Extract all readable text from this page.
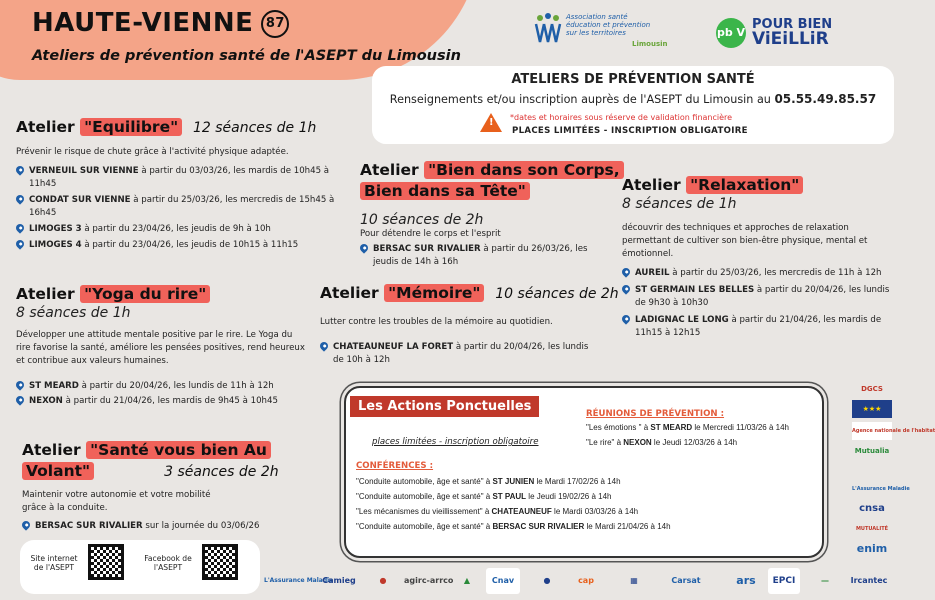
HAUTE-VIENNE 87
Ateliers de prévention santé de l'ASEPT du Limousin
Association santé
éducation et prévention
sur les territoires
Limousin
pb V
POUR BIEN
ViEiLLiR
ATELIERS DE PRÉVENTION SANTÉ
Renseignements et/ou inscription auprès de l'ASEPT du Limousin au 05.55.49.85.57
! *dates et horaires sous réserve de validation financière
PLACES LIMITÉES - INSCRIPTION OBLIGATOIRE
Atelier "Equilibre" 12 séances de 1h
Prévenir le risque de chute grâce à l'activité physique adaptée.
VERNEUIL SUR VIENNE à partir du 03/03/26, les mardis de 10h45 à 11h45
CONDAT SUR VIENNE à partir du 25/03/26, les mercredis de 15h45 à 16h45
LIMOGES 3 à partir du 23/04/26, les jeudis de 9h à 10h
LIMOGES 4 à partir du 23/04/26, les jeudis de 10h15 à 11h15
Atelier "Bien dans son Corps,
Bien dans sa Tête"
10 séances de 2h
Pour détendre le corps et l'esprit
BERSAC SUR RIVALIER à partir du 26/03/26, les jeudis de 14h à 16h
Atelier "Relaxation"
8 séances de 1h
découvrir des techniques et approches de relaxation permettant de cultiver son bien-être physique, mental et émotionnel.
AUREIL à partir du 25/03/26, les mercredis de 11h à 12h
ST GERMAIN LES BELLES à partir du 20/04/26, les lundis de 9h30 à 10h30
LADIGNAC LE LONG à partir du 21/04/26, les mardis de 11h15 à 12h15
Atelier "Yoga du rire"
8 séances de 1h
Développer une attitude mentale positive par le rire. Le Yoga du rire favorise la santé, améliore les pensées positives, rend heureux et contribue aux valeurs humaines.
ST MEARD à partir du 20/04/26, les lundis de 11h à 12h
NEXON à partir du 21/04/26, les mardis de 9h45 à 10h45
Atelier "Mémoire" 10 séances de 2h
Lutter contre les troubles de la mémoire au quotidien.
CHATEAUNEUF LA FORET à partir du 20/04/26, les lundis de 10h à 12h
Atelier "Santé vous bien Au
Volant"	3 séances de 2h
Maintenir votre autonomie et votre mobilité grâce à la conduite.
BERSAC SUR RIVALIER sur la journée du 03/06/26
Les Actions Ponctuelles
places limitées - inscription obligatoire
CONFÉRENCES :
"Conduite automobile, âge et santé" à ST JUNIEN le Mardi 17/02/26 à 14h
"Conduite automobile, âge et santé" à ST PAUL le Jeudi 19/02/26 à 14h
"Les mécanismes du vieillissement" à CHATEAUNEUF le Mardi 03/03/26 à 14h
"Conduite automobile, âge et santé" à BERSAC SUR RIVALIER le Mardi 21/04/26 à 14h
RÉUNIONS DE PRÉVENTION :
"Les émotions " à ST MEARD le Mercredi 11/03/26 à 14h
"Le rire" à NEXON le Jeudi 12/03/26 à 14h
Site internet de l'ASEPT
Facebook de l'ASEPT
DGCS
★★★
Agence nationale de l'habitat
Mutualia
L'Assurance Maladie
cnsa
MUTUALITÉ
enim
L'Assurance Maladie
Camieg	●	agirc-arrco	▲	Cnav	●	cap	▦	Carsat	ars	EPCI	—	Ircantec
